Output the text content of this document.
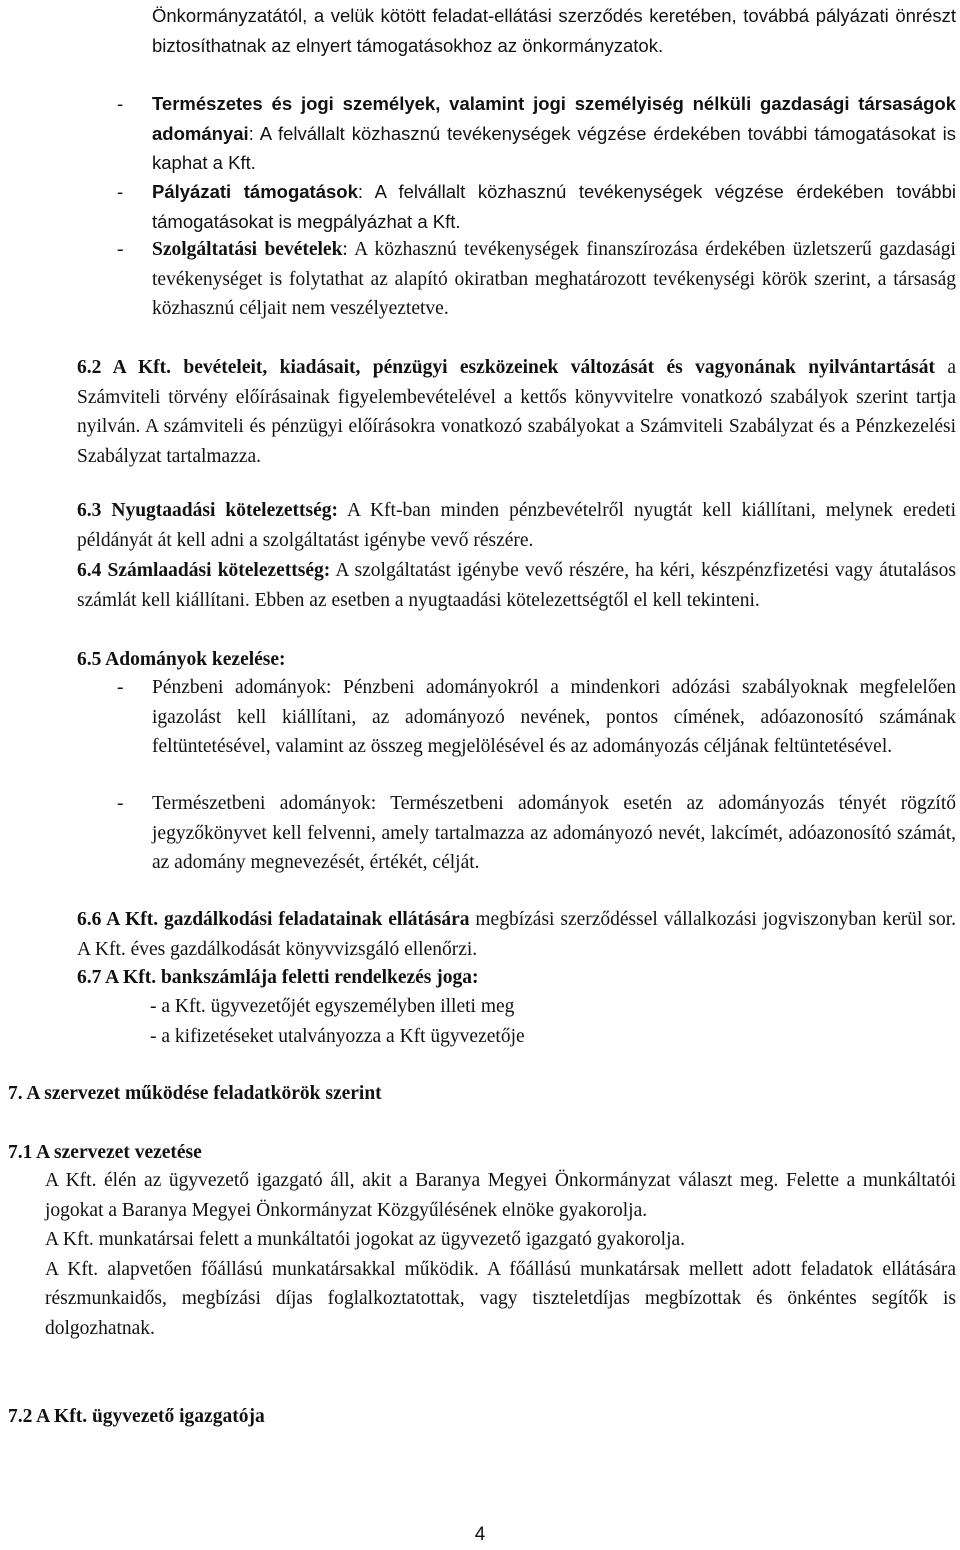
Önkormányzatától, a velük kötött feladat-ellátási szerződés keretében, továbbá pályázati önrészt biztosíthatnak az elnyert támogatásokhoz az önkormányzatok.

- Természetes és jogi személyek, valamint jogi személyiség nélküli gazdasági társaságok adományai: A felvállalt közhasznú tevékenységek végzése érdekében további támogatásokat is kaphat a Kft.

- Pályázati támogatások: A felvállalt közhasznú tevékenységek végzése érdekében további támogatásokat is megpályázhat a Kft.

- Szolgáltatási bevételek: A közhasznú tevékenységek finanszírozása érdekében üzletszerű gazdasági tevékenységet is folytathat az alapító okiratban meghatározott tevékenységi körök szerint, a társaság közhasznú céljait nem veszélyeztetve.

6.2 A Kft. bevételeit, kiadásait, pénzügyi eszközeinek változását és vagyonának nyilvántartását a Számviteli törvény előírásainak figyelembevételével a kettős könyvvitelre vonatkozó szabályok szerint tartja nyilván. A számviteli és pénzügyi előírásokra vonatkozó szabályokat a Számviteli Szabályzat és a Pénzkezelési Szabályzat tartalmazza.

6.3 Nyugtaadási kötelezettség: A Kft-ban minden pénzbevételről nyugtát kell kiállítani, melynek eredeti példányát át kell adni a szolgáltatást igénybe vevő részére.

6.4 Számlaadási kötelezettség: A szolgáltatást igénybe vevő részére, ha kéri, készpénzfizetési vagy átutalásos számlát kell kiállítani. Ebben az esetben a nyugtaadási kötelezettségtől el kell tekinteni.

6.5 Adományok kezelése:

- Pénzbeni adományok: Pénzbeni adományokról a mindenkori adózási szabályoknak megfelelően igazolást kell kiállítani, az adományozó nevének, pontos címének, adóazonosító számának feltüntetésével, valamint az összeg megjelölésével és az adományozás céljának feltüntetésével.

- Természetbeni adományok: Természetbeni adományok esetén az adományozás tényét rögzítő jegyzőkönyvet kell felvenni, amely tartalmazza az adományozó nevét, lakcímét, adóazonosító számát, az adomány megnevezését, értékét, célját.

6.6 A Kft. gazdálkodási feladatainak ellátására megbízási szerződéssel vállalkozási jogviszonyban kerül sor. A Kft. éves gazdálkodását könyvvizsgáló ellenőrzi.

6.7 A Kft. bankszámlája feletti rendelkezés joga:

- a Kft. ügyvezetőjét egyszemélyben illeti meg

- a kifizetéseket utalványozza a Kft ügyvezetője

7. A szervezet működése feladatkörök szerint

7.1 A szervezet vezetése

A Kft. élén az ügyvezető igazgató áll, akit a Baranya Megyei Önkormányzat választ meg. Felette a munkáltatói jogokat a Baranya Megyei Önkormányzat Közgyűlésének elnöke gyakorolja.

A Kft. munkatársai felett a munkáltatói jogokat az ügyvezető igazgató gyakorolja.

A Kft. alapvetően főállású munkatársakkal működik. A főállású munkatársak mellett adott feladatok ellátására részmunkaidős, megbízási díjas foglalkoztatottak, vagy tiszteletdíjas megbízottak és önkéntes segítők is dolgozhatnak.

7.2 A Kft. ügyvezető igazgatója

4
